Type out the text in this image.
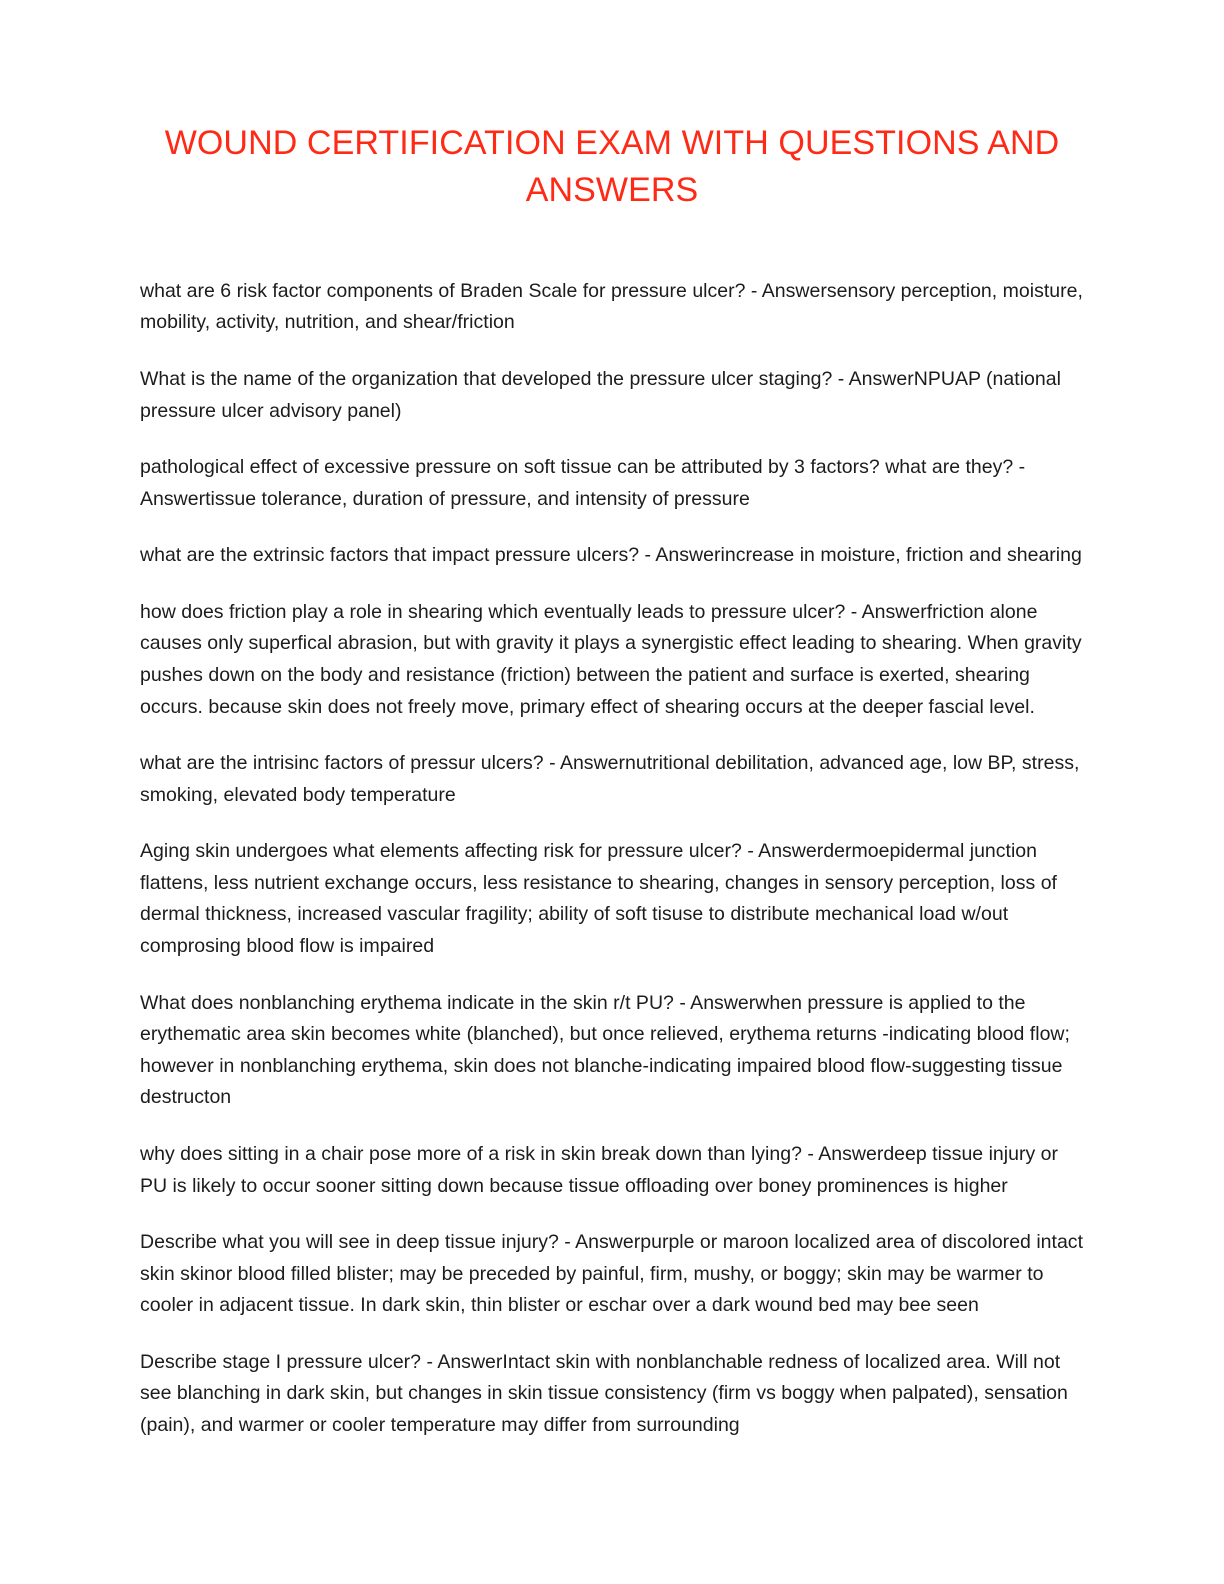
WOUND CERTIFICATION EXAM WITH QUESTIONS AND ANSWERS

what are 6 risk factor components of Braden Scale for pressure ulcer? - Answersensory perception, moisture, mobility, activity, nutrition, and shear/friction

What is the name of the organization that developed the pressure ulcer staging? - AnswerNPUAP (national pressure ulcer advisory panel)

pathological effect of excessive pressure on soft tissue can be attributed by 3 factors? what are they? - Answertissue tolerance, duration of pressure, and intensity of pressure

what are the extrinsic factors that impact pressure ulcers? - Answerincrease in moisture, friction and shearing

how does friction play a role in shearing which eventually leads to pressure ulcer? - Answerfriction alone causes only superfical abrasion, but with gravity it plays a synergistic effect leading to shearing. When gravity pushes down on the body and resistance (friction) between the patient and surface is exerted, shearing occurs. because skin does not freely move, primary effect of shearing occurs at the deeper fascial level.

what are the intrisinc factors of pressur ulcers? - Answernutritional debilitation, advanced age, low BP, stress, smoking, elevated body temperature

Aging skin undergoes what elements affecting risk for pressure ulcer? - Answerdermoepidermal junction flattens, less nutrient exchange occurs, less resistance to shearing, changes in sensory perception, loss of dermal thickness, increased vascular fragility; ability of soft tisuse to distribute mechanical load w/out comprosing blood flow is impaired

What does nonblanching erythema indicate in the skin r/t PU? - Answerwhen pressure is applied to the erythematic area skin becomes white (blanched), but once relieved, erythema returns -indicating blood flow; however in nonblanching erythema, skin does not blanche-indicating impaired blood flow-suggesting tissue destructon

why does sitting in a chair pose more of a risk in skin break down than lying? - Answerdeep tissue injury or PU is likely to occur sooner sitting down because tissue offloading over boney prominences is higher

Describe what you will see in deep tissue injury? - Answerpurple or maroon localized area of discolored intact skin skinor blood filled blister; may be preceded by painful, firm, mushy, or boggy; skin may be warmer to cooler in adjacent tissue. In dark skin, thin blister or eschar over a dark wound bed may bee seen

Describe stage I pressure ulcer? - AnswerIntact skin with nonblanchable redness of localized area. Will not see blanching in dark skin, but changes in skin tissue consistency (firm vs boggy when palpated), sensation (pain), and warmer or cooler temperature may differ from surrounding
